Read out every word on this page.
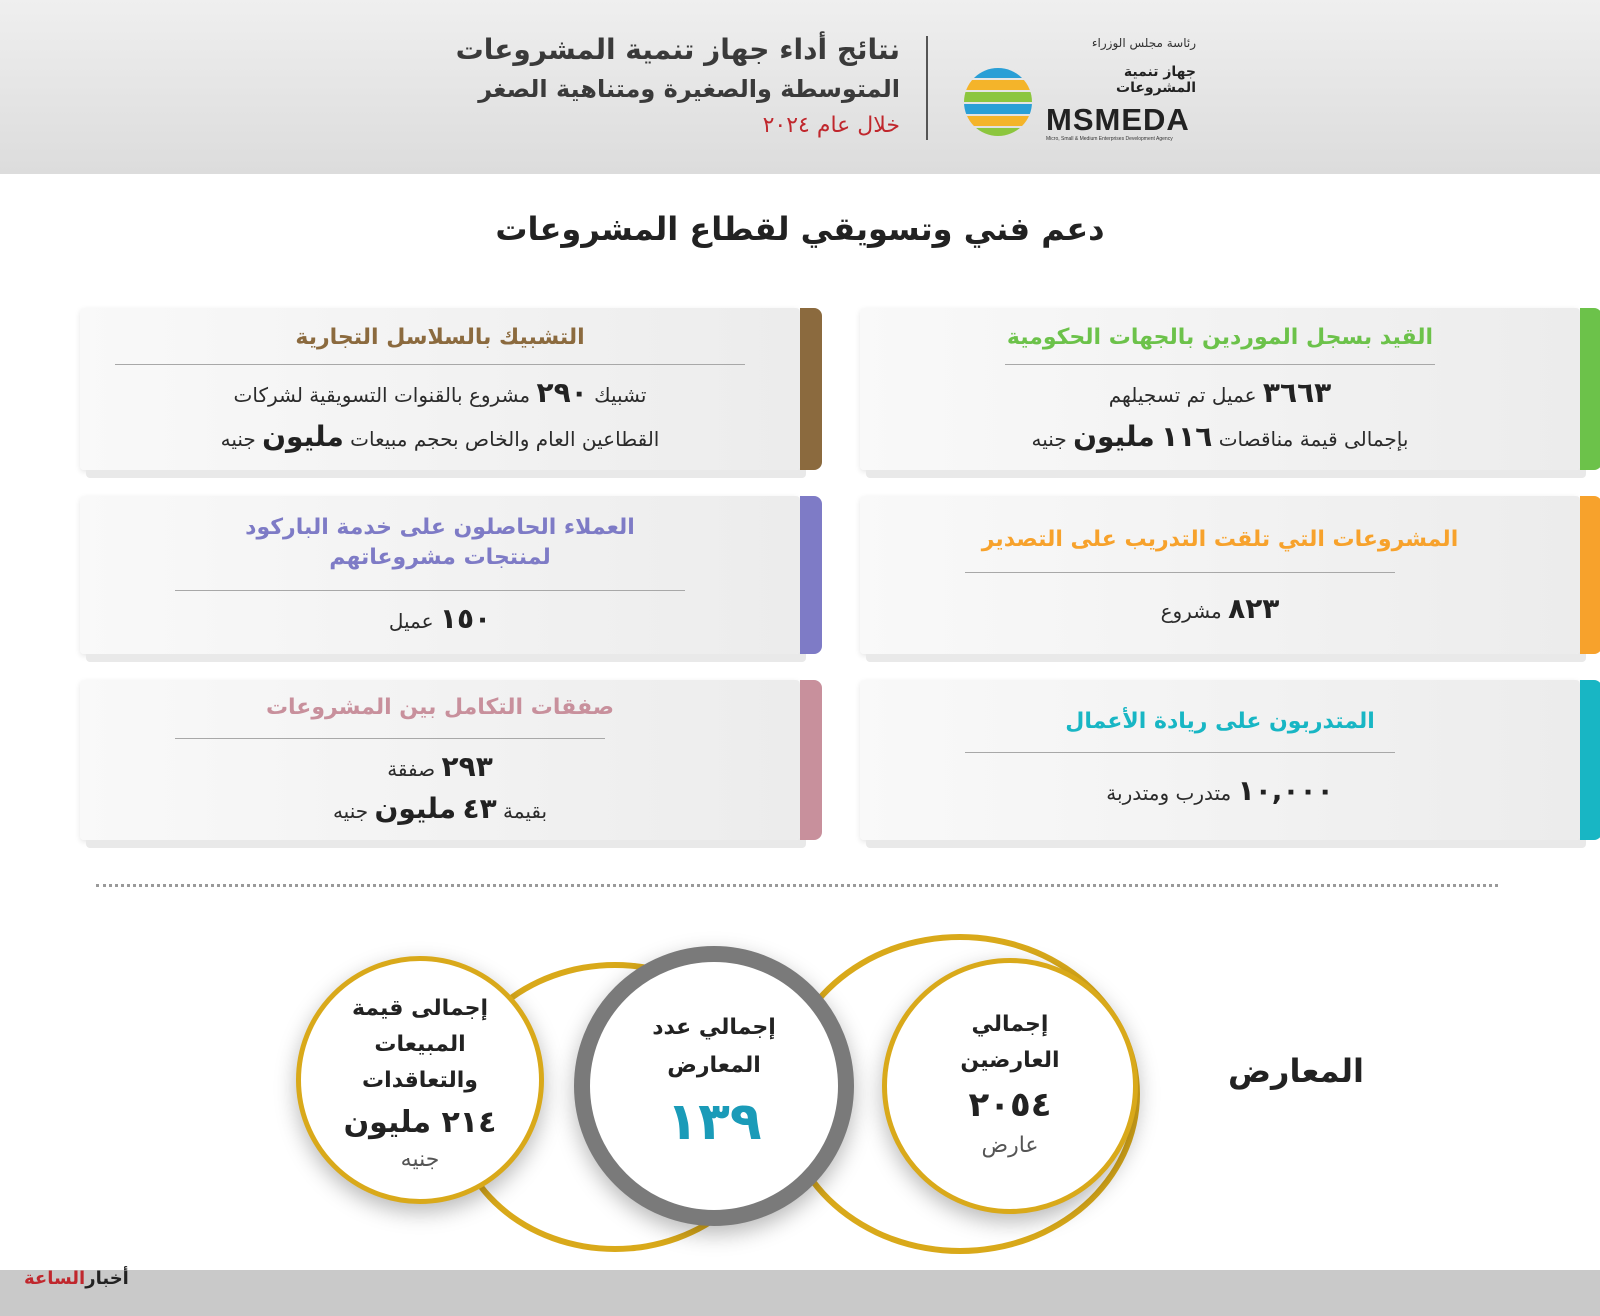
نتائج أداء جهاز تنمية المشروعات
المتوسطة والصغيرة ومتناهية الصغر
خلال عام ٢٠٢٤
رئاسة مجلس الوزراء
جهاز تنمية
المشروعات
MSMEDA
Micro, Small & Medium Enterprises Development Agency
دعم فني وتسويقي لقطاع المشروعات
القيد بسجل الموردين بالجهات الحكومية
٣٦٦٣ عميل تم تسجيلهم
بإجمالى قيمة مناقصات ١١٦ مليون جنيه
التشبيك بالسلاسل التجارية
تشبيك ٢٩٠ مشروع بالقنوات التسويقية لشركات
القطاعين العام والخاص بحجم مبيعات مليون جنيه
المشروعات التي تلقت التدريب على التصدير
٨٢٣ مشروع
العملاء الحاصلون على خدمة الباركود
لمنتجات مشروعاتهم
١٥٠ عميل
المتدربون على ريادة الأعمال
١٠,٠٠٠ متدرب ومتدربة
صفقات التكامل بين المشروعات
٢٩٣ صفقة
بقيمة ٤٣ مليون جنيه
إجمالي
العارضين
٢٠٥٤
عارض
إجمالي عدد
المعارض
١٣٩
إجمالى قيمة
المبيعات
والتعاقدات
٢١٤ مليون
جنيه
المعارض
أخبارالساعة
